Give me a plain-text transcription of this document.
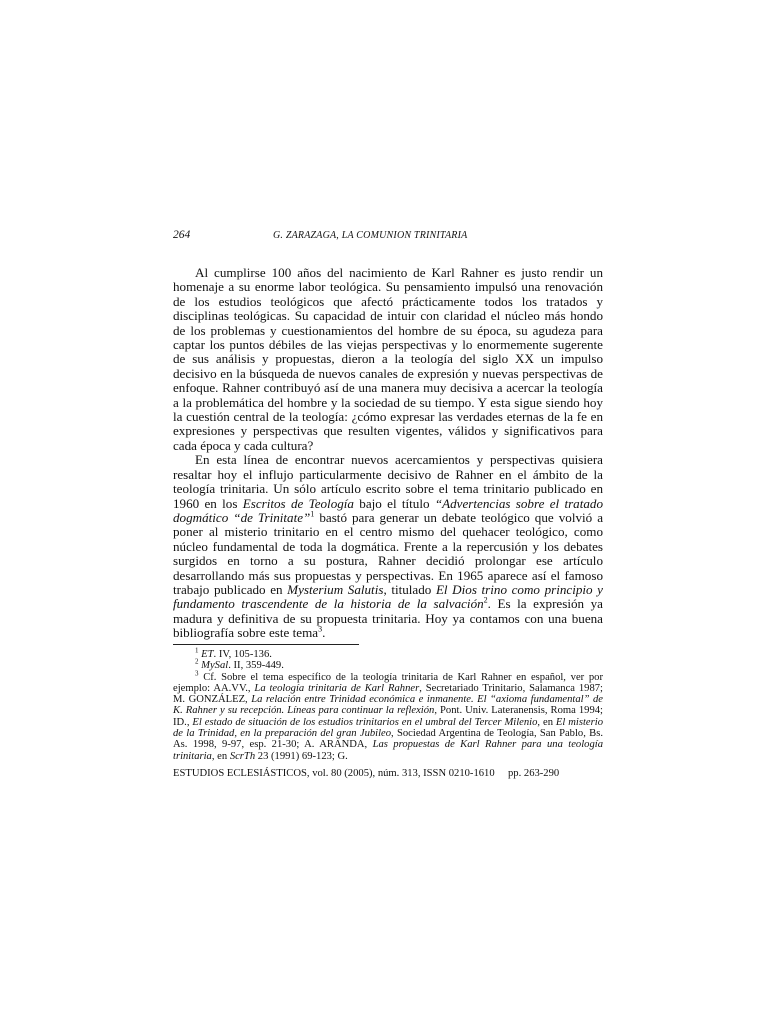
264	G. ZARAZAGA, LA COMUNION TRINITARIA

Al cumplirse 100 años del nacimiento de Karl Rahner es justo rendir un homenaje a su enorme labor teológica. Su pensamiento impulsó una renovación de los estudios teológicos que afectó prácticamente todos los tratados y disciplinas teológicas. Su capacidad de intuir con claridad el núcleo más hondo de los problemas y cuestionamientos del hombre de su época, su agudeza para captar los puntos débiles de las viejas perspectivas y lo enormemente sugerente de sus análisis y propuestas, dieron a la teología del siglo XX un impulso decisivo en la búsqueda de nuevos canales de expresión y nuevas perspectivas de enfoque. Rahner contribuyó así de una manera muy decisiva a acercar la teología a la problemática del hombre y la sociedad de su tiempo. Y esta sigue siendo hoy la cuestión central de la teología: ¿cómo expresar las verdades eternas de la fe en expresiones y perspectivas que resulten vigentes, válidos y significativos para cada época y cada cultura?

En esta línea de encontrar nuevos acercamientos y perspectivas quisiera resaltar hoy el influjo particularmente decisivo de Rahner en el ámbito de la teología trinitaria. Un sólo artículo escrito sobre el tema trinitario publicado en 1960 en los Escritos de Teología bajo el título “Advertencias sobre el tratado dogmático “de Trinitate”$^1$ bastó para generar un debate teológico que volvió a poner al misterio trinitario en el centro mismo del quehacer teológico, como núcleo fundamental de toda la dogmática. Frente a la repercusión y los debates surgidos en torno a su postura, Rahner decidió prolongar ese artículo desarrollando más sus propuestas y perspectivas. En 1965 aparece así el famoso trabajo publicado en Mysterium Salutis, titulado El Dios trino como principio y fundamento trascendente de la historia de la salvación$^2$. Es la expresión ya madura y definitiva de su propuesta trinitaria. Hoy ya contamos con una buena bibliografía sobre este tema$^3$.

$^1$ ET. IV, 105-136.

$^2$ MySal. II, 359-449.

$^3$ Cf. Sobre el tema específico de la teología trinitaria de Karl Rahner en español, ver por ejemplo: AA.VV., La teología trinitaria de Karl Rahner, Secretariado Trinitario, Salamanca 1987; M. GONZÁLEZ, La relación entre Trinidad económica e inmanente. El “axioma fundamental” de K. Rahner y su recepción. Líneas para continuar la reflexión, Pont. Univ. Lateranensis, Roma 1994; ID., El estado de situación de los estudios trinitarios en el umbral del Tercer Milenio, en El misterio de la Trinidad, en la preparación del gran Jubileo, Sociedad Argentina de Teología, San Pablo, Bs. As. 1998, 9-97, esp. 21-30; A. ARANDA, Las propuestas de Karl Rahner para una teología trinitaria, en ScrTh 23 (1991) 69-123; G.

ESTUDIOS ECLESIÁSTICOS, vol. 80 (2005), núm. 313, ISSN 0210-1610 pp. 263-290
